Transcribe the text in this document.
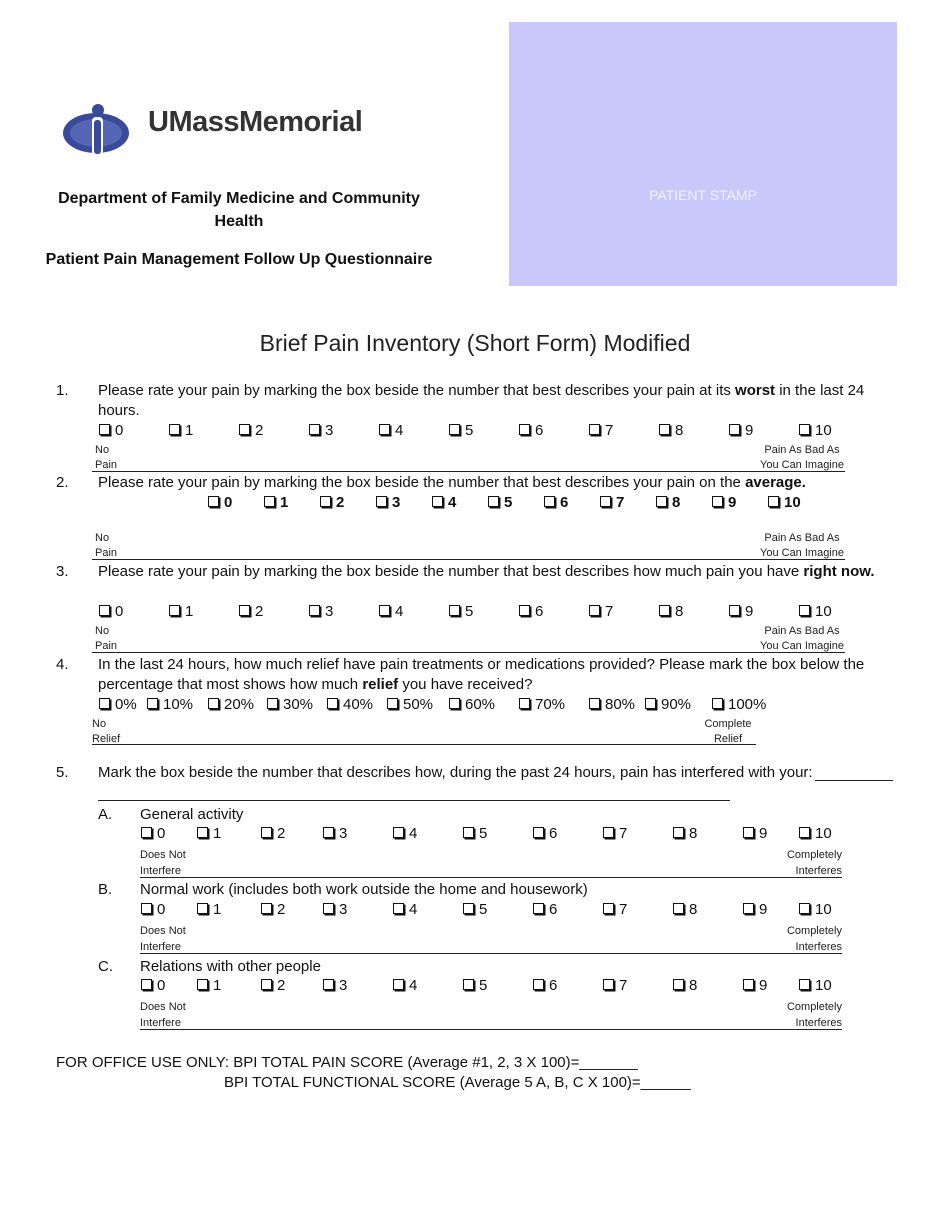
UMassMemorial
PATIENT STAMP
Department of Family Medicine and Community Health
Patient Pain Management Follow Up Questionnaire
Brief Pain Inventory (Short Form) Modified
1. Please rate your pain by marking the box beside the number that best describes your pain at its worst in the last 24 hours.
0	1	2	3	4	5	6	7	8	9	10
No
Pain
Pain As Bad As
You Can Imagine
2. Please rate your pain by marking the box beside the number that best describes your pain on the average.
0	1	2	3	4	5	6	7	8	9	10
No
Pain
Pain As Bad As
You Can Imagine
3. Please rate your pain by marking the box beside the number that best describes how much pain you have right now.
0	1	2	3	4	5	6	7	8	9	10
No
Pain
Pain As Bad As
You Can Imagine
4. In the last 24 hours, how much relief have pain treatments or medications provided? Please mark the box below the percentage that most shows how much relief you have received?
0%	10%	20%	30%	40%	50%	60%	70%	80%	90%	100%
No
Relief
Complete
Relief
5. Mark the box beside the number that describes how, during the past 24 hours, pain has interfered with your:
A. General activity
0	1	2	3	4	5	6	7	8	9	10
Does Not
Interfere
Completely
Interferes
B. Normal work (includes both work outside the home and housework)
0	1	2	3	4	5	6	7	8	9	10
Does Not
Interfere
Completely
Interferes
C. Relations with other people
0	1	2	3	4	5	6	7	8	9	10
Does Not
Interfere
Completely
Interferes
FOR OFFICE USE ONLY: BPI TOTAL PAIN SCORE (Average #1, 2, 3 X 100)=_______
BPI TOTAL FUNCTIONAL SCORE (Average 5 A, B, C X 100)=______
